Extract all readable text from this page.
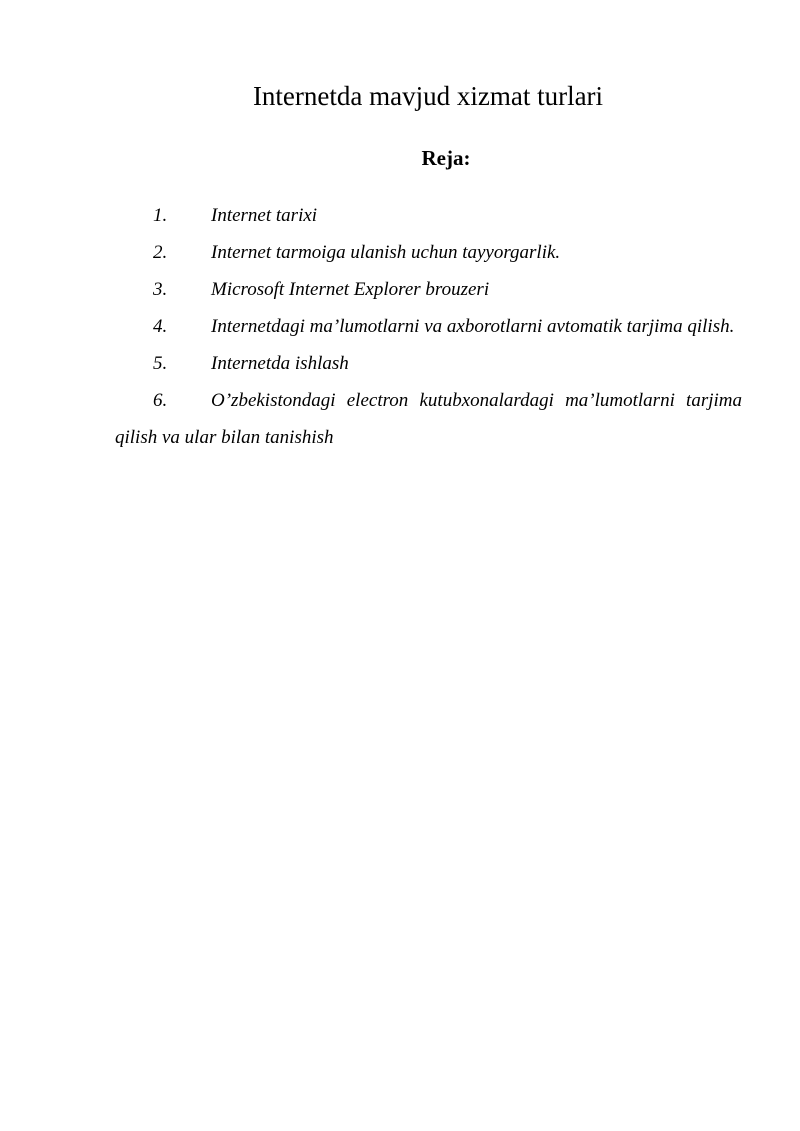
Internetda mavjud xizmat turlari
Reja:
1. Internet tarixi
2. Internet tarmoiga ulanish uchun tayyorgarlik.
3. Microsoft Internet Explorer brouzeri
4. Internetdagi ma’lumotlarni va axborotlarni avtomatik tarjima qilish.
5. Internetda ishlash
6. O’zbekistondagi electron kutubxonalardagi ma’lumotlarni tarjima qilish va ular bilan tanishish
